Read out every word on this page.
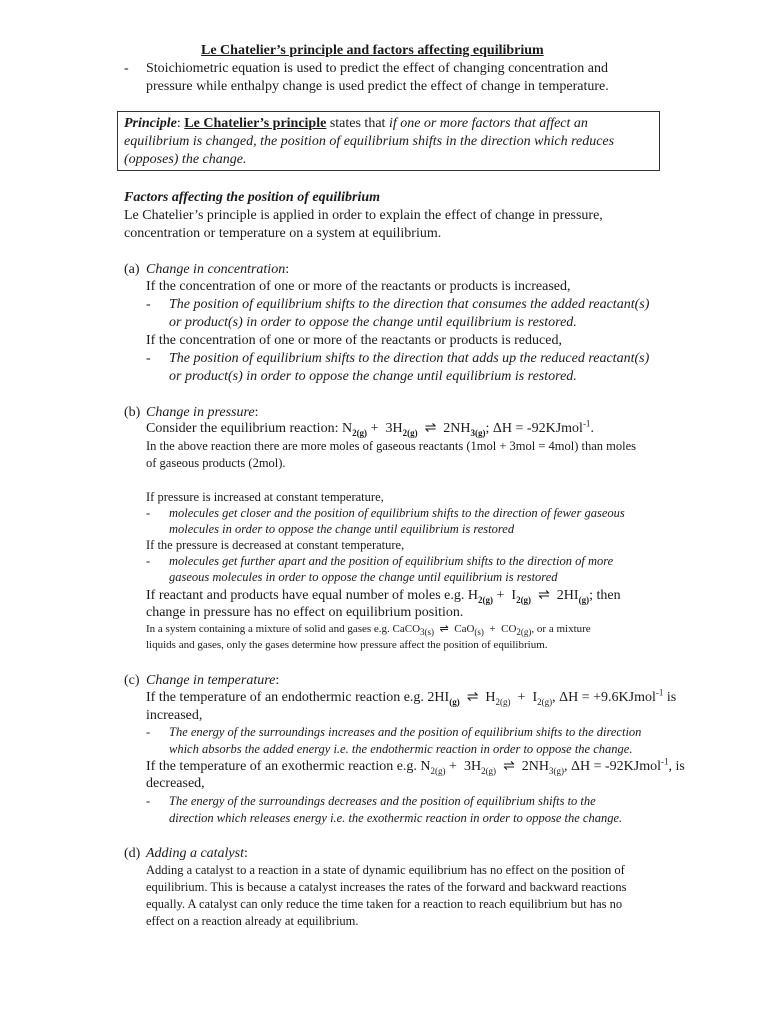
Le Chatelier’s principle and factors affecting equilibrium
- Stoichiometric equation is used to predict the effect of changing concentration and
pressure while enthalpy change is used predict the effect of change in temperature.
Principle: Le Chatelier’s principle states that if one or more factors that affect an
equilibrium is changed, the position of equilibrium shifts in the direction which reduces
(opposes) the change.
Factors affecting the position of equilibrium
Le Chatelier’s principle is applied in order to explain the effect of change in pressure,
concentration or temperature on a system at equilibrium.
(a) Change in concentration:
If the concentration of one or more of the reactants or products is increased,
- The position of equilibrium shifts to the direction that consumes the added reactant(s)
or product(s) in order to oppose the change until equilibrium is restored.
If the concentration of one or more of the reactants or products is reduced,
- The position of equilibrium shifts to the direction that adds up the reduced reactant(s)
or product(s) in order to oppose the change until equilibrium is restored.
(b) Change in pressure:
Consider the equilibrium reaction: $N_{2(g)} + 3H_{2(g)}$  ⇌  $2NH_{3(g)}$; ΔH = -92KJmol$^{-1}$.
In the above reaction there are more moles of gaseous reactants (1mol + 3mol = 4mol) than moles
of gaseous products (2mol).
If pressure is increased at constant temperature,
- molecules get closer and the position of equilibrium shifts to the direction of fewer gaseous
molecules in order to oppose the change until equilibrium is restored
If the pressure is decreased at constant temperature,
- molecules get further apart and the position of equilibrium shifts to the direction of more
gaseous molecules in order to oppose the change until equilibrium is restored
If reactant and products have equal number of moles e.g. $H_{2(g)} + I_{2(g)}$  ⇌  $2HI_{(g)}$; then
change in pressure has no effect on equilibrium position.
In a system containing a mixture of solid and gases e.g. CaCO$_{3(s)}$  ⇌  $CaO_{(s)} + CO_{2(g)}$, or a mixture
liquids and gases, only the gases determine how pressure affect the position of equilibrium.
(c) Change in temperature:
If the temperature of an endothermic reaction e.g. $2HI_{(g)}$  ⇌  $H_{2(g)} + I_{2(g)}$, ΔH = +9.6KJmol$^{-1}$ is
increased,
- The energy of the surroundings increases and the position of equilibrium shifts to the direction
which absorbs the added energy i.e. the endothermic reaction in order to oppose the change.
If the temperature of an exothermic reaction e.g. $N_{2(g)} + 3H_{2(g)}$  ⇌  $2NH_{3(g)}$, ΔH = -92KJmol$^{-1}$, is
decreased,
- The energy of the surroundings decreases and the position of equilibrium shifts to the
direction which releases energy i.e. the exothermic reaction in order to oppose the change.
(d) Adding a catalyst:
Adding a catalyst to a reaction in a state of dynamic equilibrium has no effect on the position of
equilibrium. This is because a catalyst increases the rates of the forward and backward reactions
equally. A catalyst can only reduce the time taken for a reaction to reach equilibrium but has no
effect on a reaction already at equilibrium.
